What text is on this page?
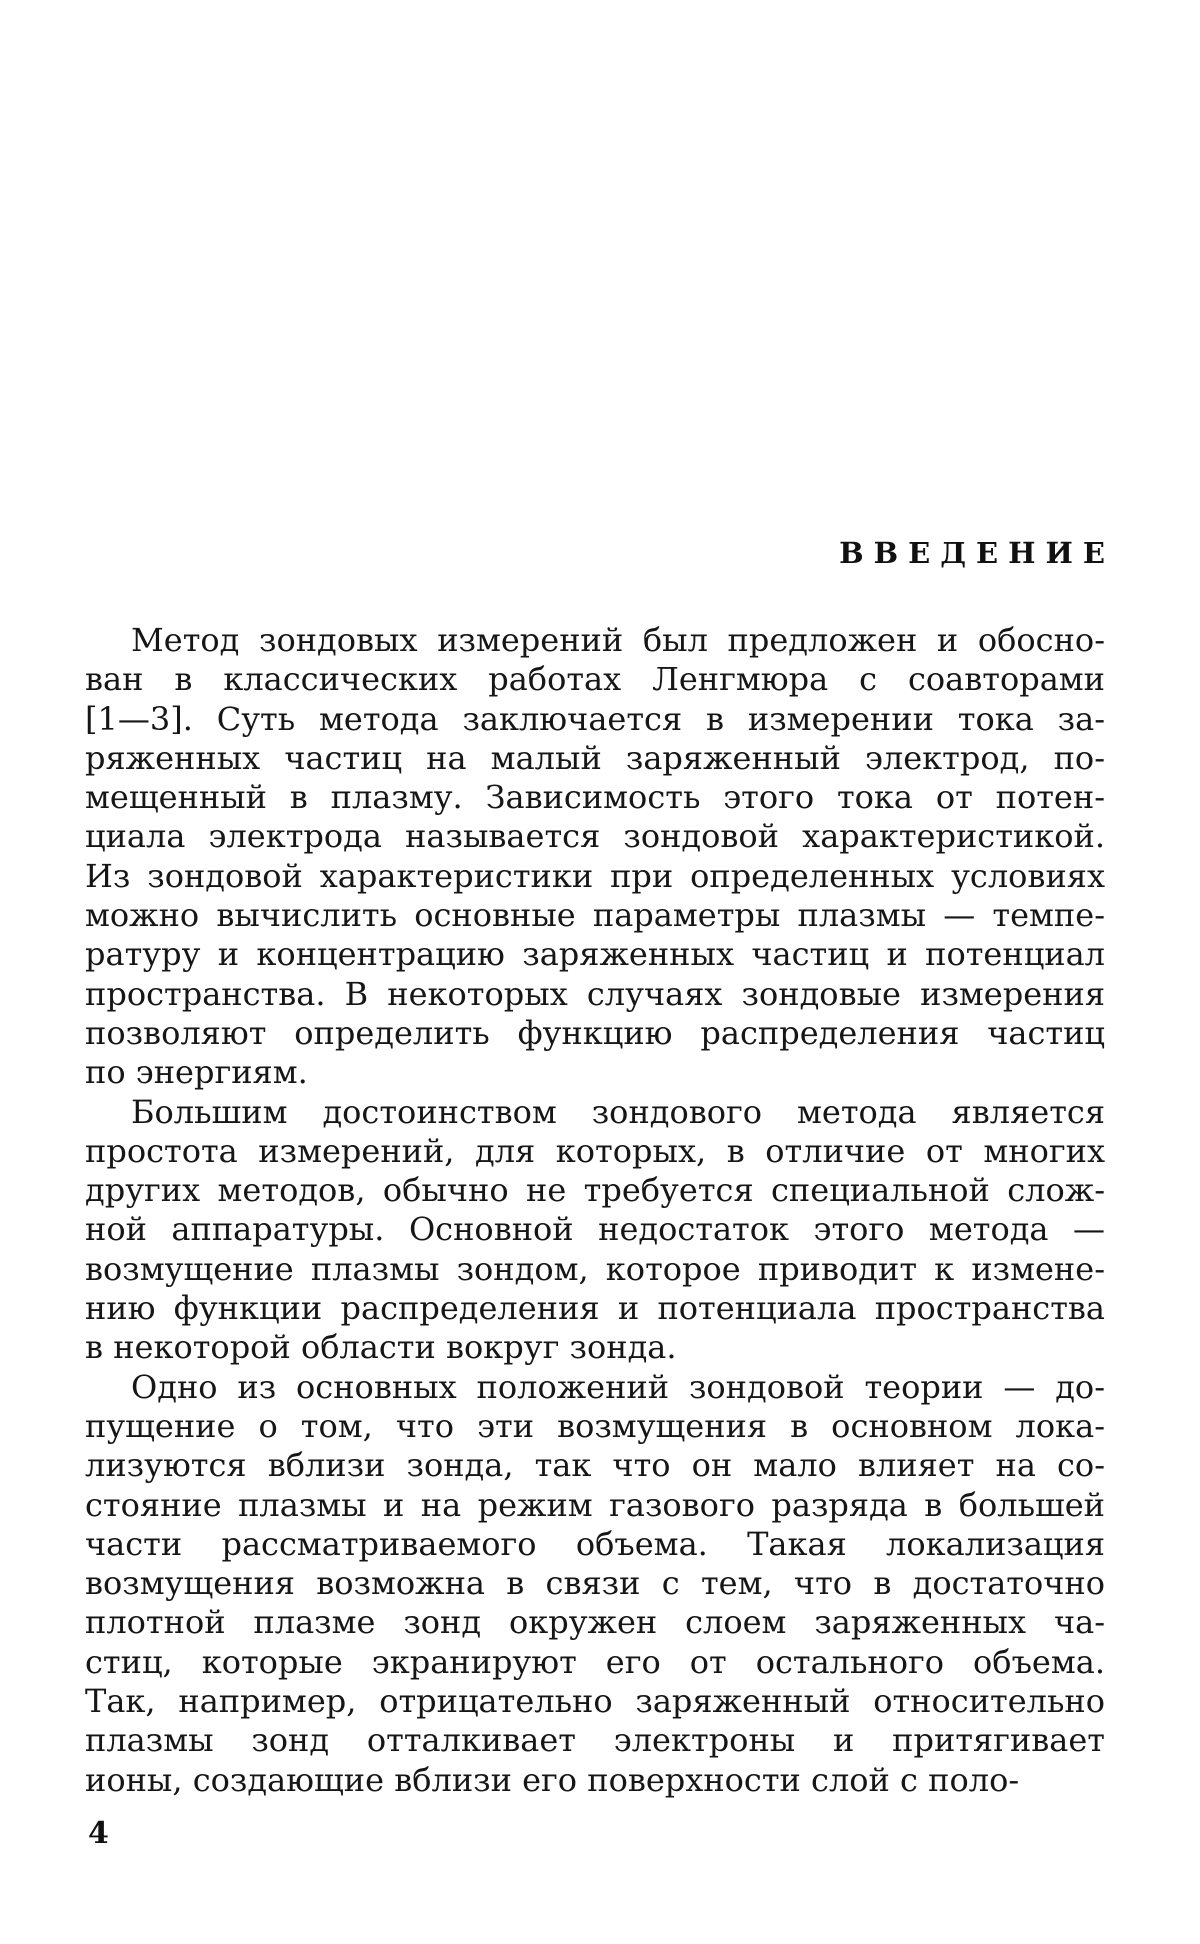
ВВЕДЕНИЕ
Метод зондовых измерений был предложен и обосно-
ван в классических работах Ленгмюра с соавторами
[1—3]. Суть метода заключается в измерении тока за-
ряженных частиц на малый заряженный электрод, по-
мещенный в плазму. Зависимость этого тока от потен-
циала электрода называется зондовой характеристикой.
Из зондовой характеристики при определенных условиях
можно вычислить основные параметры плазмы — темпе-
ратуру и концентрацию заряженных частиц и потенциал
пространства. В некоторых случаях зондовые измерения
позволяют определить функцию распределения частиц
по энергиям.
Большим достоинством зондового метода является
простота измерений, для которых, в отличие от многих
других методов, обычно не требуется специальной слож-
ной аппаратуры. Основной недостаток этого метода —
возмущение плазмы зондом, которое приводит к измене-
нию функции распределения и потенциала пространства
в некоторой области вокруг зонда.
Одно из основных положений зондовой теории — до-
пущение о том, что эти возмущения в основном лока-
лизуются вблизи зонда, так что он мало влияет на со-
стояние плазмы и на режим газового разряда в большей
части рассматриваемого объема. Такая локализация
возмущения возможна в связи с тем, что в достаточно
плотной плазме зонд окружен слоем заряженных ча-
стиц, которые экранируют его от остального объема.
Так, например, отрицательно заряженный относительно
плазмы зонд отталкивает электроны и притягивает
ионы, создающие вблизи его поверхности слой с поло-
4
